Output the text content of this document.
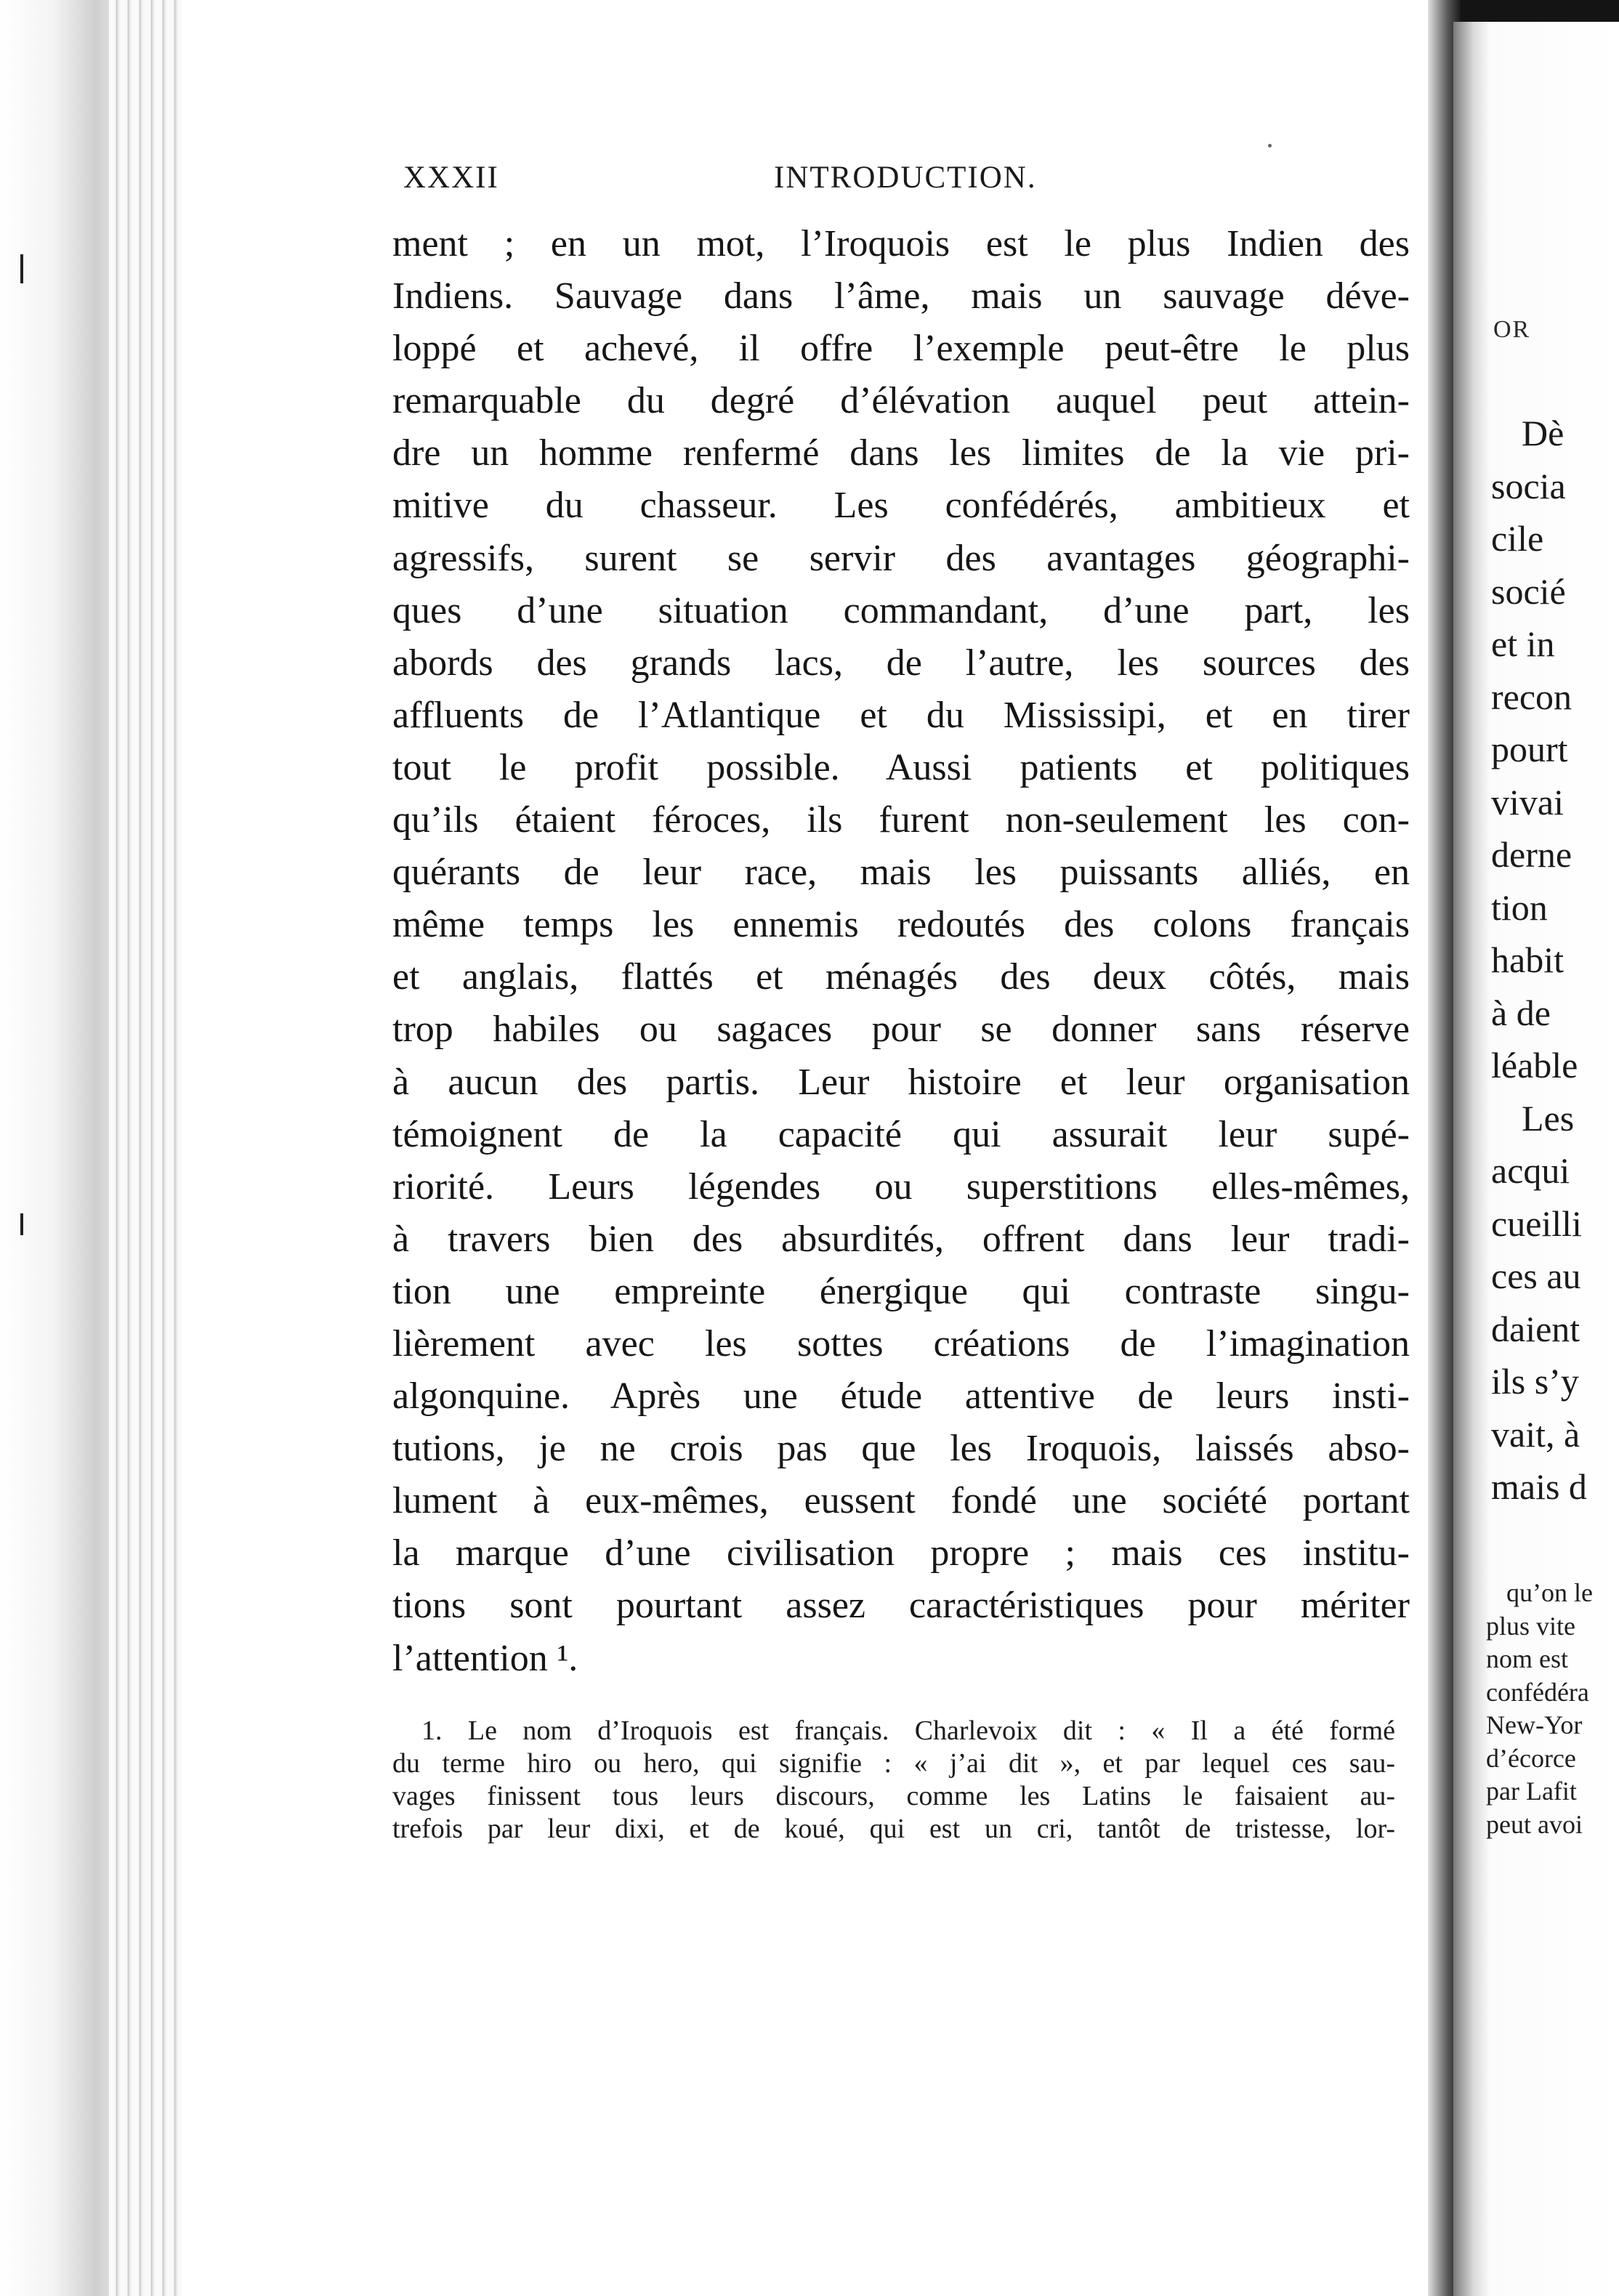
XXXII	INTRODUCTION.
ment ; en un mot, l’Iroquois est le plus Indien des
Indiens. Sauvage dans l’âme, mais un sauvage déve-
loppé et achevé, il offre l’exemple peut-être le plus
remarquable du degré d’élévation auquel peut attein-
dre un homme renfermé dans les limites de la vie pri-
mitive du chasseur. Les confédérés, ambitieux et
agressifs, surent se servir des avantages géographi-
ques d’une situation commandant, d’une part, les
abords des grands lacs, de l’autre, les sources des
affluents de l’Atlantique et du Mississipi, et en tirer
tout le profit possible. Aussi patients et politiques
qu’ils étaient féroces, ils furent non-seulement les con-
quérants de leur race, mais les puissants alliés, en
même temps les ennemis redoutés des colons français
et anglais, flattés et ménagés des deux côtés, mais
trop habiles ou sagaces pour se donner sans réserve
à aucun des partis. Leur histoire et leur organisation
témoignent de la capacité qui assurait leur supé-
riorité. Leurs légendes ou superstitions elles-mêmes,
à travers bien des absurdités, offrent dans leur tradi-
tion une empreinte énergique qui contraste singu-
lièrement avec les sottes créations de l’imagination
algonquine. Après une étude attentive de leurs insti-
tutions, je ne crois pas que les Iroquois, laissés abso-
lument à eux-mêmes, eussent fondé une société portant
la marque d’une civilisation propre ; mais ces institu-
tions sont pourtant assez caractéristiques pour mériter
l’attention ¹.
1. Le nom d’Iroquois est français. Charlevoix dit : « Il a été formé
du terme hiro ou hero, qui signifie : « j’ai dit », et par lequel ces sau-
vages finissent tous leurs discours, comme les Latins le faisaient au-
trefois par leur dixi, et de koué, qui est un cri, tantôt de tristesse, lor-
OR
Dè
socia
cile
socié
et in
recon
pourt
vivai
derne
tion
habit
à de
léable
Les
acqui
cueilli
ces au
daient
ils s’y
vait, à
mais d
qu’on le
plus vite
nom est
confédéra
New-Yor
d’écorce
par Lafit
peut avoi
